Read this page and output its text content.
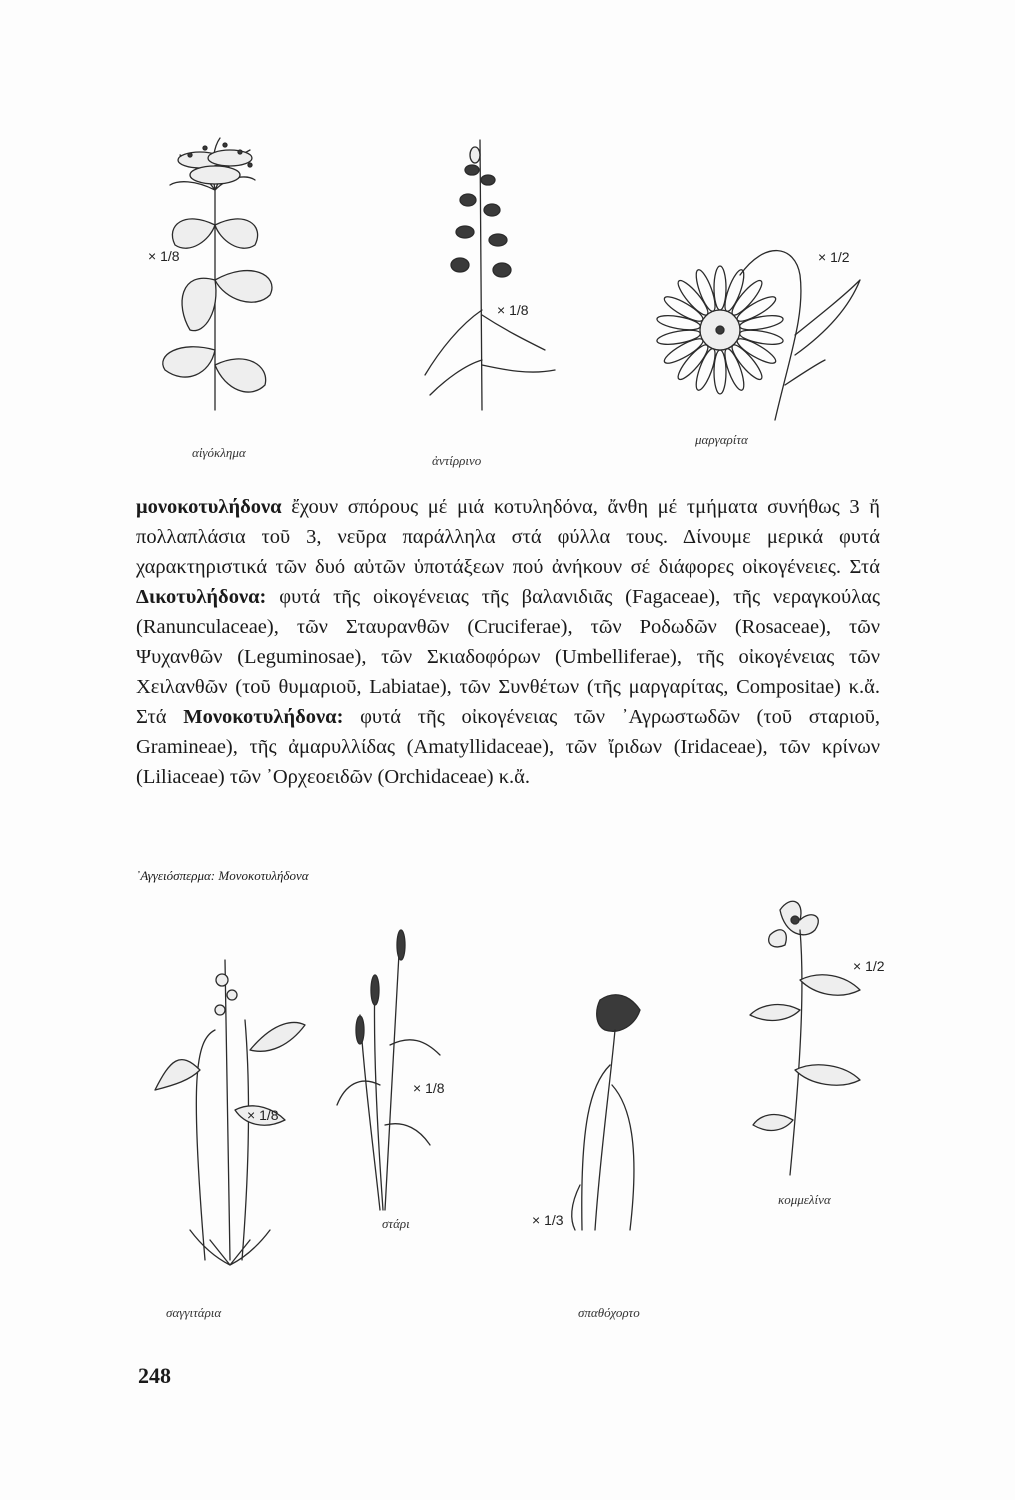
× 1/8
αἰγόκλημα
× 1/8
ἀντίρρινο
× 1/2
μαργαρίτα
μονοκοτυλήδονα ἔχουν σπόρους μέ μιά κοτυληδόνα, ἄνθη μέ τμήματα συνήθως 3 ἤ πολλαπλάσια τοῦ 3, νεῦρα παράλληλα στά φύλλα τους. Δίνουμε μερικά φυτά χαρακτηριστικά τῶν δυό αὐτῶν ὑποτάξεων πού ἀνήκουν σέ διάφορες οἰκογένειες. Στά Δικοτυλήδονα: φυτά τῆς οἰκογένειας τῆς βαλανιδιᾶς (Fagaceae), τῆς νεραγκούλας (Ranunculaceae), τῶν Σταυρανθῶν (Cruciferae), τῶν Ροδωδῶν (Rosaceae), τῶν Ψυχανθῶν (Leguminosae), τῶν Σκιαδοφόρων (Umbelliferae), τῆς οἰκογένειας τῶν Χειλανθῶν (τοῦ θυμαριοῦ, Labiatae), τῶν Συνθέτων (τῆς μαργαρίτας, Compositae) κ.ἄ. Στά Μονοκοτυλήδονα: φυτά τῆς οἰκογένειας τῶν ᾿Αγρωστωδῶν (τοῦ σταριοῦ, Gramineae), τῆς ἀμαρυλλίδας (Amatyllidaceae), τῶν ἴριδων (Iridaceae), τῶν κρίνων (Liliaceae) τῶν ᾿Ορχεοειδῶν (Orchidaceae) κ.ἄ.
᾿Αγγειόσπερμα: Μονοκοτυλήδονα
× 1/8
σαγγιτάρια
× 1/8
στάρι	× 1/3
σπαθόχορτο
× 1/2
κομμελίνα
248
